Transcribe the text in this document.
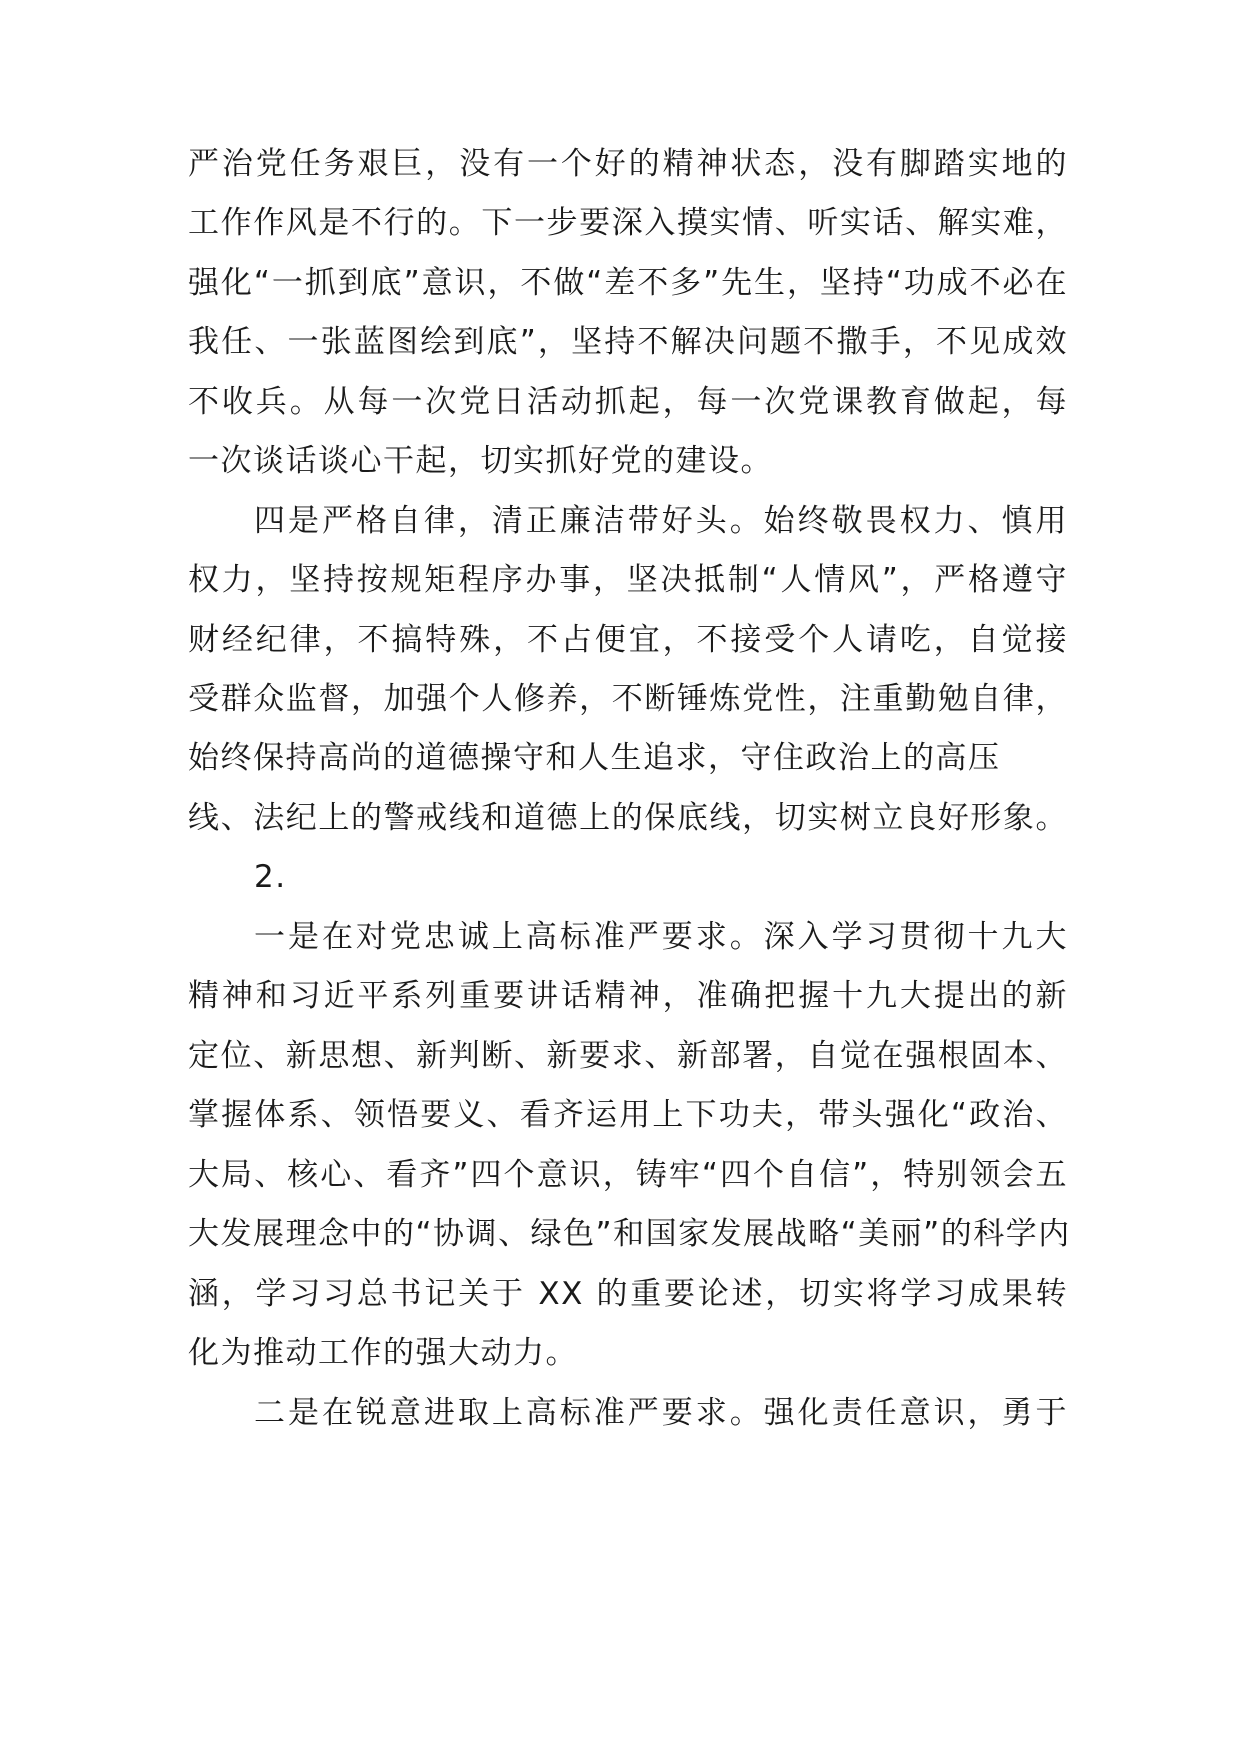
严治党任务艰巨，没有一个好的精神状态，没有脚踏实地的
工作作风是不行的。下一步要深入摸实情、听实话、解实难，
强化“一抓到底”意识，不做“差不多”先生，坚持“功成不必在
我任、一张蓝图绘到底”，坚持不解决问题不撒手，不见成效
不收兵。从每一次党日活动抓起，每一次党课教育做起，每
一次谈话谈心干起，切实抓好党的建设。
四是严格自律，清正廉洁带好头。始终敬畏权力、慎用
权力，坚持按规矩程序办事，坚决抵制“人情风”，严格遵守
财经纪律，不搞特殊，不占便宜，不接受个人请吃，自觉接
受群众监督，加强个人修养，不断锤炼党性，注重勤勉自律，
始终保持高尚的道德操守和人生追求，守住政治上的高压
线、法纪上的警戒线和道德上的保底线，切实树立良好形象。
2.
一是在对党忠诚上高标准严要求。深入学习贯彻十九大
精神和习近平系列重要讲话精神，准确把握十九大提出的新
定位、新思想、新判断、新要求、新部署，自觉在强根固本、
掌握体系、领悟要义、看齐运用上下功夫，带头强化“政治、
大局、核心、看齐”四个意识，铸牢“四个自信”，特别领会五
大发展理念中的“协调、绿色”和国家发展战略“美丽”的科学内
涵，学习习总书记关于 XX 的重要论述，切实将学习成果转
化为推动工作的强大动力。
二是在锐意进取上高标准严要求。强化责任意识，勇于
